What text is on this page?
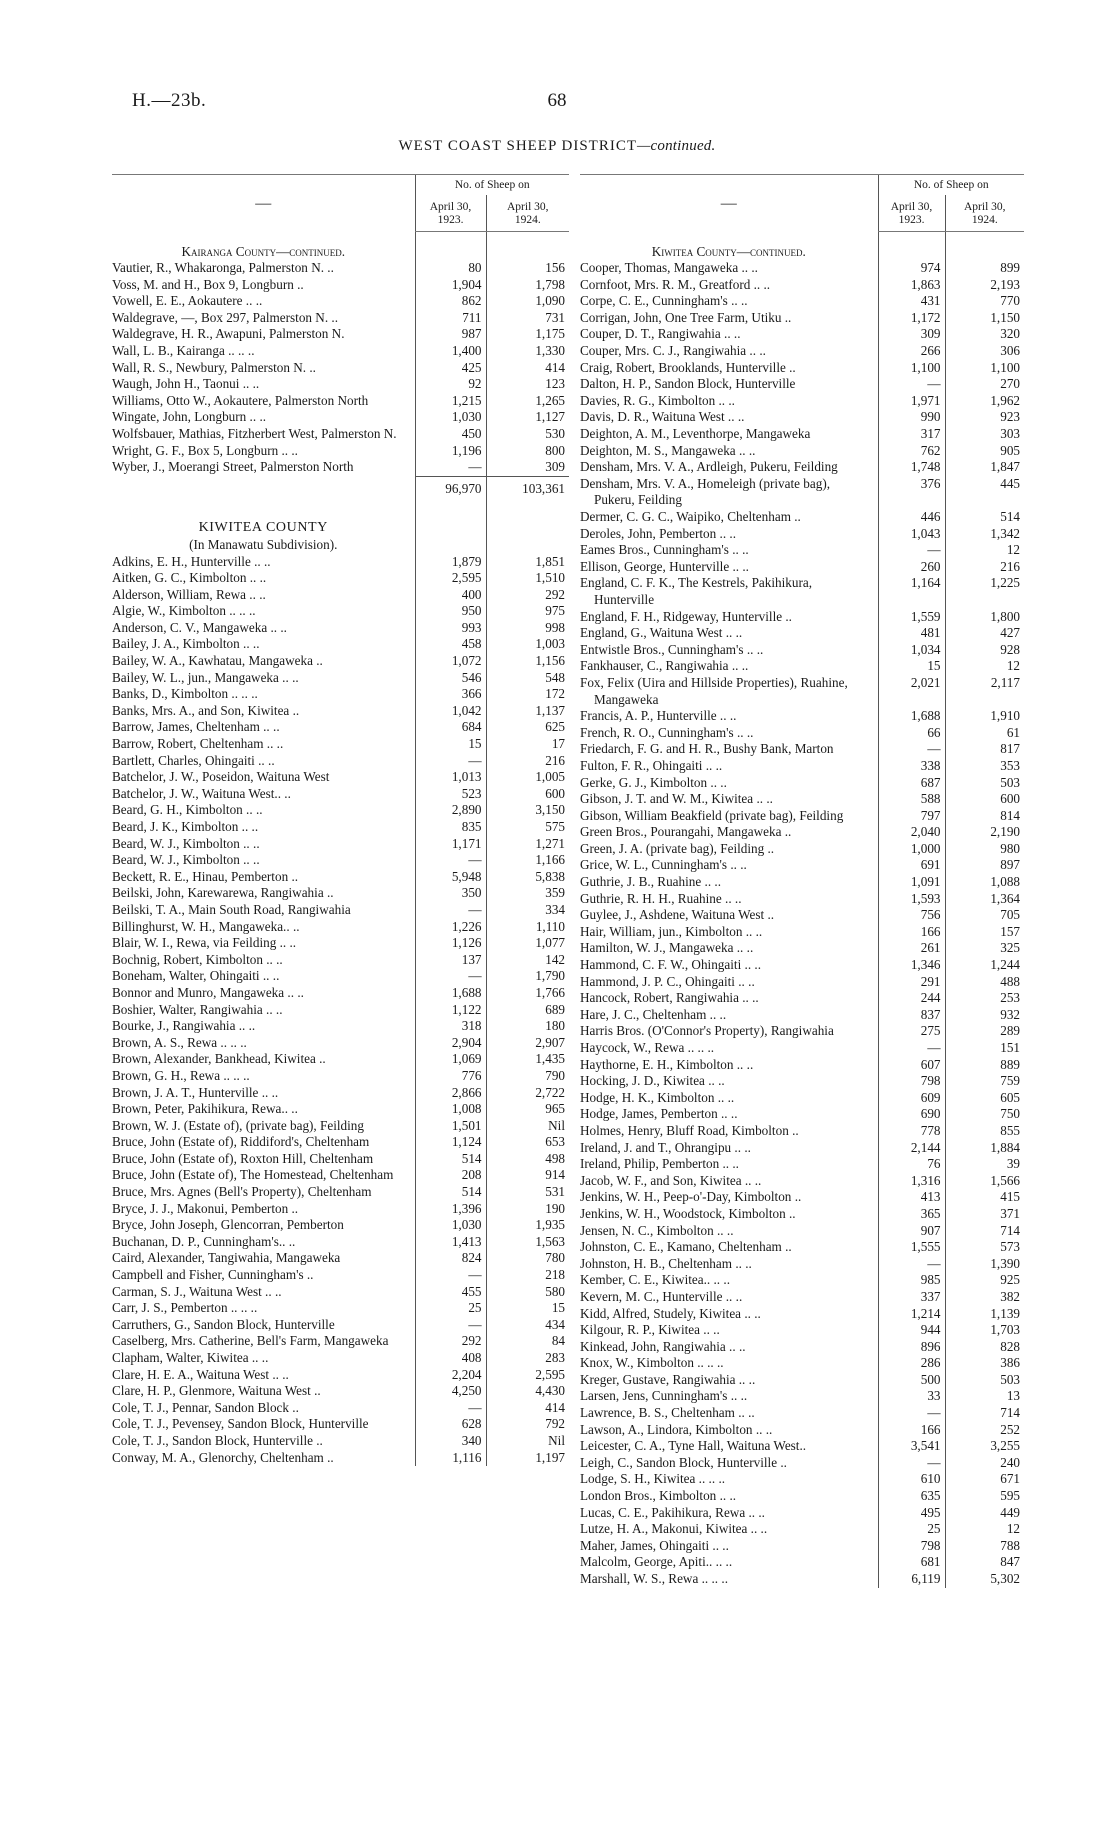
H.—23b.	68
WEST COAST SHEEP DISTRICT—continued.
—	No. of Sheep on	
	April 30, 1923.	April 30, 1924.
Kairanga County—continued.		
Vautier, R., Whakaronga, Palmerston N. ..	80	156
Voss, M. and H., Box 9, Longburn ..	1,904	1,798
Vowell, E. E., Aokautere .. ..	862	1,090
Waldegrave, —, Box 297, Palmerston N. ..	711	731
Waldegrave, H. R., Awapuni, Palmerston N.	987	1,175
Wall, L. B., Kairanga .. .. ..	1,400	1,330
Wall, R. S., Newbury, Palmerston N. ..	425	414
Waugh, John H., Taonui .. ..	92	123
Williams, Otto W., Aokautere, Palmerston North	1,215	1,265
Wingate, John, Longburn .. ..	1,030	1,127
Wolfsbauer, Mathias, Fitzherbert West, Palmerston N.	450	530
Wright, G. F., Box 5, Longburn .. ..	1,196	800
Wyber, J., Moerangi Street, Palmerston North	—	309
	96,970	103,361

KIWITEA COUNTY		
(In Manawatu Subdivision).		
Adkins, E. H., Hunterville .. ..	1,879	1,851
Aitken, G. C., Kimbolton .. ..	2,595	1,510
Alderson, William, Rewa .. ..	400	292
Algie, W., Kimbolton .. .. ..	950	975
Anderson, C. V., Mangaweka .. ..	993	998
Bailey, J. A., Kimbolton .. ..	458	1,003
Bailey, W. A., Kawhatau, Mangaweka ..	1,072	1,156
Bailey, W. L., jun., Mangaweka .. ..	546	548
Banks, D., Kimbolton .. .. ..	366	172
Banks, Mrs. A., and Son, Kiwitea ..	1,042	1,137
Barrow, James, Cheltenham .. ..	684	625
Barrow, Robert, Cheltenham .. ..	15	17
Bartlett, Charles, Ohingaiti .. ..	—	216
Batchelor, J. W., Poseidon, Waituna West	1,013	1,005
Batchelor, J. W., Waituna West.. ..	523	600
Beard, G. H., Kimbolton .. ..	2,890	3,150
Beard, J. K., Kimbolton .. ..	835	575
Beard, W. J., Kimbolton .. ..	1,171	1,271
Beard, W. J., Kimbolton .. ..	—	1,166
Beckett, R. E., Hinau, Pemberton ..	5,948	5,838
Beilski, John, Karewarewa, Rangiwahia ..	350	359
Beilski, T. A., Main South Road, Rangiwahia	—	334
Billinghurst, W. H., Mangaweka.. ..	1,226	1,110
Blair, W. I., Rewa, via Feilding .. ..	1,126	1,077
Bochnig, Robert, Kimbolton .. ..	137	142
Boneham, Walter, Ohingaiti .. ..	—	1,790
Bonnor and Munro, Mangaweka .. ..	1,688	1,766
Boshier, Walter, Rangiwahia .. ..	1,122	689
Bourke, J., Rangiwahia .. ..	318	180
Brown, A. S., Rewa .. .. ..	2,904	2,907
Brown, Alexander, Bankhead, Kiwitea ..	1,069	1,435
Brown, G. H., Rewa .. .. ..	776	790
Brown, J. A. T., Hunterville .. ..	2,866	2,722
Brown, Peter, Pakihikura, Rewa.. ..	1,008	965
Brown, W. J. (Estate of), (private bag), Feilding	1,501	Nil
Bruce, John (Estate of), Riddiford's, Cheltenham	1,124	653
Bruce, John (Estate of), Roxton Hill, Cheltenham	514	498
Bruce, John (Estate of), The Homestead, Cheltenham	208	914
Bruce, Mrs. Agnes (Bell's Property), Cheltenham	514	531
Bryce, J. J., Makonui, Pemberton ..	1,396	190
Bryce, John Joseph, Glencorran, Pemberton	1,030	1,935
Buchanan, D. P., Cunningham's.. ..	1,413	1,563
Caird, Alexander, Tangiwahia, Mangaweka	824	780
Campbell and Fisher, Cunningham's ..	—	218
Carman, S. J., Waituna West .. ..	455	580
Carr, J. S., Pemberton .. .. ..	25	15
Carruthers, G., Sandon Block, Hunterville	—	434
Caselberg, Mrs. Catherine, Bell's Farm, Mangaweka	292	84
Clapham, Walter, Kiwitea .. ..	408	283
Clare, H. E. A., Waituna West .. ..	2,204	2,595
Clare, H. P., Glenmore, Waituna West ..	4,250	4,430
Cole, T. J., Pennar, Sandon Block ..	—	414
Cole, T. J., Pevensey, Sandon Block, Hunterville	628	792
Cole, T. J., Sandon Block, Hunterville ..	340	Nil
Conway, M. A., Glenorchy, Cheltenham ..	1,116	1,197
—	No. of Sheep on	
	April 30, 1923.	April 30, 1924.
Kiwitea County—continued.		
Cooper, Thomas, Mangaweka .. ..	974	899
Cornfoot, Mrs. R. M., Greatford .. ..	1,863	2,193
Corpe, C. E., Cunningham's .. ..	431	770
Corrigan, John, One Tree Farm, Utiku ..	1,172	1,150
Couper, D. T., Rangiwahia .. ..	309	320
Couper, Mrs. C. J., Rangiwahia .. ..	266	306
Craig, Robert, Brooklands, Hunterville ..	1,100	1,100
Dalton, H. P., Sandon Block, Hunterville	—	270
Davies, R. G., Kimbolton .. ..	1,971	1,962
Davis, D. R., Waituna West .. ..	990	923
Deighton, A. M., Leventhorpe, Mangaweka	317	303
Deighton, M. S., Mangaweka .. ..	762	905
Densham, Mrs. V. A., Ardleigh, Pukeru, Feilding	1,748	1,847
Densham, Mrs. V. A., Homeleigh (private bag), Pukeru, Feilding	376	445
Dermer, C. G. C., Waipiko, Cheltenham ..	446	514
Deroles, John, Pemberton .. ..	1,043	1,342
Eames Bros., Cunningham's .. ..	—	12
Ellison, George, Hunterville .. ..	260	216
England, C. F. K., The Kestrels, Pakihikura, Hunterville	1,164	1,225
England, F. H., Ridgeway, Hunterville ..	1,559	1,800
England, G., Waituna West .. ..	481	427
Entwistle Bros., Cunningham's .. ..	1,034	928
Fankhauser, C., Rangiwahia .. ..	15	12
Fox, Felix (Uira and Hillside Properties), Ruahine, Mangaweka	2,021	2,117
Francis, A. P., Hunterville .. ..	1,688	1,910
French, R. O., Cunningham's .. ..	66	61
Friedarch, F. G. and H. R., Bushy Bank, Marton	—	817
Fulton, F. R., Ohingaiti .. ..	338	353
Gerke, G. J., Kimbolton .. ..	687	503
Gibson, J. T. and W. M., Kiwitea .. ..	588	600
Gibson, William Beakfield (private bag), Feilding	797	814
Green Bros., Pourangahi, Mangaweka ..	2,040	2,190
Green, J. A. (private bag), Feilding ..	1,000	980
Grice, W. L., Cunningham's .. ..	691	897
Guthrie, J. B., Ruahine .. ..	1,091	1,088
Guthrie, R. H. H., Ruahine .. ..	1,593	1,364
Guylee, J., Ashdene, Waituna West ..	756	705
Hair, William, jun., Kimbolton .. ..	166	157
Hamilton, W. J., Mangaweka .. ..	261	325
Hammond, C. F. W., Ohingaiti .. ..	1,346	1,244
Hammond, J. P. C., Ohingaiti .. ..	291	488
Hancock, Robert, Rangiwahia .. ..	244	253
Hare, J. C., Cheltenham .. ..	837	932
Harris Bros. (O'Connor's Property), Rangiwahia	275	289
Haycock, W., Rewa .. .. ..	—	151
Haythorne, E. H., Kimbolton .. ..	607	889
Hocking, J. D., Kiwitea .. ..	798	759
Hodge, H. K., Kimbolton .. ..	609	605
Hodge, James, Pemberton .. ..	690	750
Holmes, Henry, Bluff Road, Kimbolton ..	778	855
Ireland, J. and T., Ohrangipu .. ..	2,144	1,884
Ireland, Philip, Pemberton .. ..	76	39
Jacob, W. F., and Son, Kiwitea .. ..	1,316	1,566
Jenkins, W. H., Peep-o'-Day, Kimbolton ..	413	415
Jenkins, W. H., Woodstock, Kimbolton ..	365	371
Jensen, N. C., Kimbolton .. ..	907	714
Johnston, C. E., Kamano, Cheltenham ..	1,555	573
Johnston, H. B., Cheltenham .. ..	—	1,390
Kember, C. E., Kiwitea.. .. ..	985	925
Kevern, M. C., Hunterville .. ..	337	382
Kidd, Alfred, Studely, Kiwitea .. ..	1,214	1,139
Kilgour, R. P., Kiwitea .. ..	944	1,703
Kinkead, John, Rangiwahia .. ..	896	828
Knox, W., Kimbolton .. .. ..	286	386
Kreger, Gustave, Rangiwahia .. ..	500	503
Larsen, Jens, Cunningham's .. ..	33	13
Lawrence, B. S., Cheltenham .. ..	—	714
Lawson, A., Lindora, Kimbolton .. ..	166	252
Leicester, C. A., Tyne Hall, Waituna West..	3,541	3,255
Leigh, C., Sandon Block, Hunterville ..	—	240
Lodge, S. H., Kiwitea .. .. ..	610	671
London Bros., Kimbolton .. ..	635	595
Lucas, C. E., Pakihikura, Rewa .. ..	495	449
Lutze, H. A., Makonui, Kiwitea .. ..	25	12
Maher, James, Ohingaiti .. ..	798	788
Malcolm, George, Apiti.. .. ..	681	847
Marshall, W. S., Rewa .. .. ..	6,119	5,302
